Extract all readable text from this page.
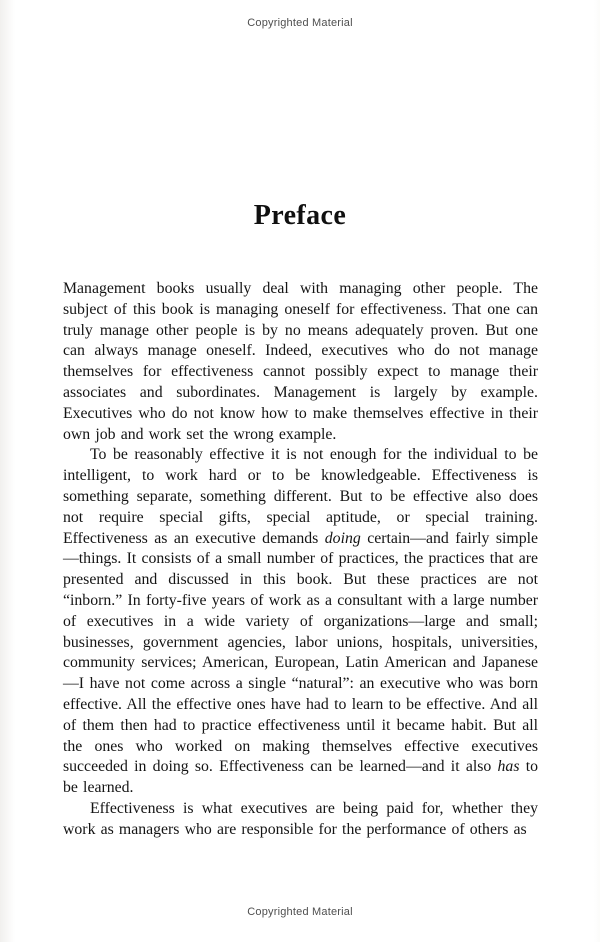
Copyrighted Material
Preface

Management books usually deal with managing other people. The subject of this book is managing oneself for effectiveness. That one can truly manage other people is by no means adequately proven. But one can always manage oneself. Indeed, executives who do not manage themselves for effectiveness cannot possibly expect to manage their associates and subordinates. Management is largely by example. Executives who do not know how to make themselves effective in their own job and work set the wrong example.

To be reasonably effective it is not enough for the individual to be intelligent, to work hard or to be knowledgeable. Effectiveness is something separate, something different. But to be effective also does not require special gifts, special aptitude, or special training. Effectiveness as an executive demands doing certain—and fairly simple—things. It consists of a small number of practices, the practices that are presented and discussed in this book. But these practices are not “inborn.” In forty-five years of work as a consultant with a large number of executives in a wide variety of organizations—large and small; businesses, government agencies, labor unions, hospitals, universities, community services; American, European, Latin American and Japanese—I have not come across a single “natural”: an executive who was born effective. All the effective ones have had to learn to be effective. And all of them then had to practice effectiveness until it became habit. But all the ones who worked on making themselves effective executives succeeded in doing so. Effectiveness can be learned—and it also has to be learned.

Effectiveness is what executives are being paid for, whether they work as managers who are responsible for the performance of others as

Copyrighted Material
